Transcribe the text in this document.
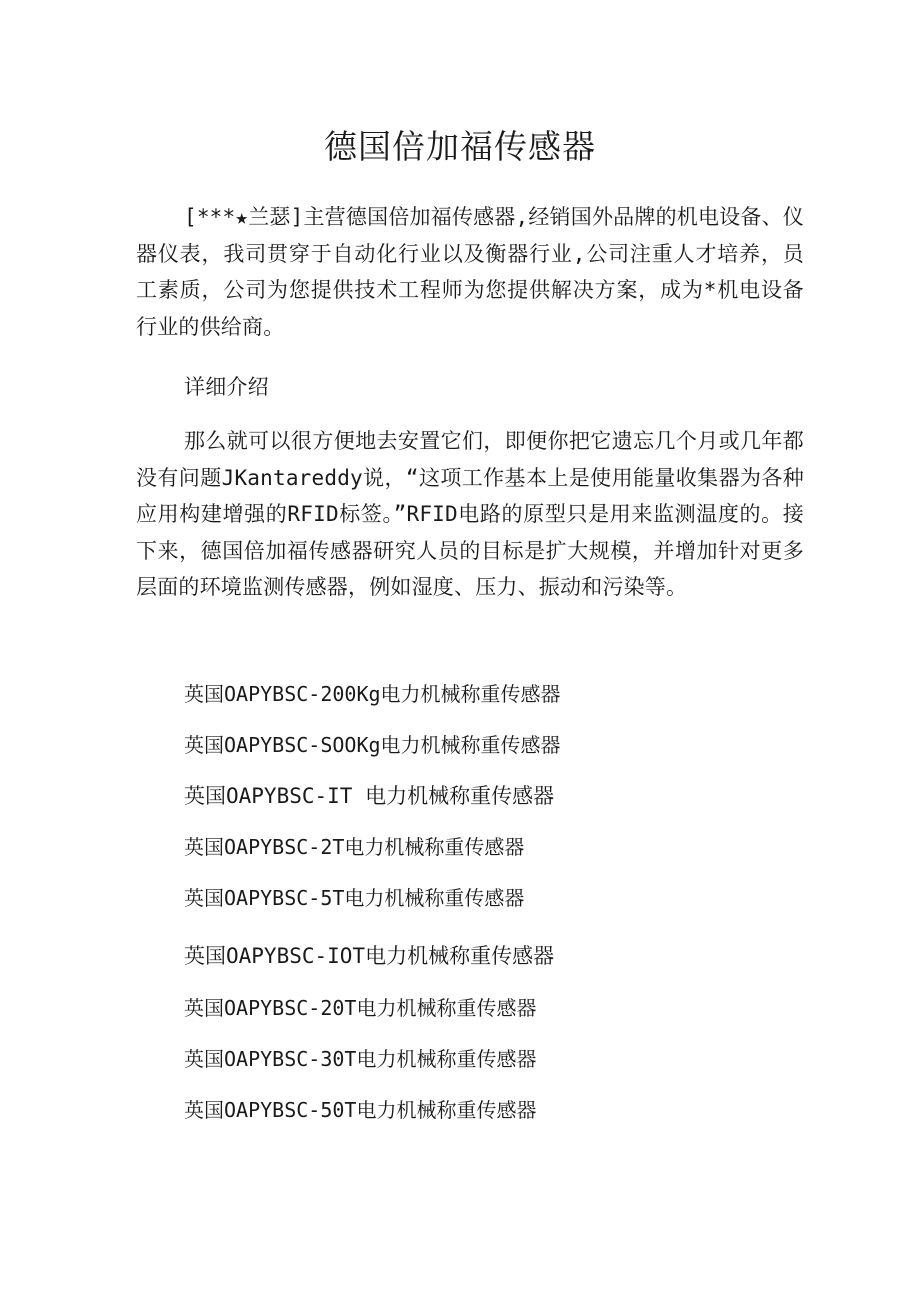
德国倍加福传感器

[***★兰瑟]主营德国倍加福传感器,经销国外品牌的机电设备、仪器仪表，我司贯穿于自动化行业以及衡器行业,公司注重人才培养，员工素质，公司为您提供技术工程师为您提供解决方案，成为*机电设备行业的供给商。

详细介绍

那么就可以很方便地去安置它们，即便你把它遗忘几个月或几年都没有问题JKantareddy说，“这项工作基本上是使用能量收集器为各种应用构建增强的RFID标签。”RFID电路的原型只是用来监测温度的。接下来，德国倍加福传感器研究人员的目标是扩大规模，并增加针对更多层面的环境监测传感器，例如湿度、压力、振动和污染等。

英国OAPYBSC-200Kg电力机械称重传感器
英国OAPYBSC-SOOKg电力机械称重传感器
英国OAPYBSC-IT 电力机械称重传感器
英国OAPYBSC-2T电力机械称重传感器
英国OAPYBSC-5T电力机械称重传感器
英国OAPYBSC-IOT电力机械称重传感器
英国OAPYBSC-20T电力机械称重传感器
英国OAPYBSC-30T电力机械称重传感器
英国OAPYBSC-50T电力机械称重传感器
